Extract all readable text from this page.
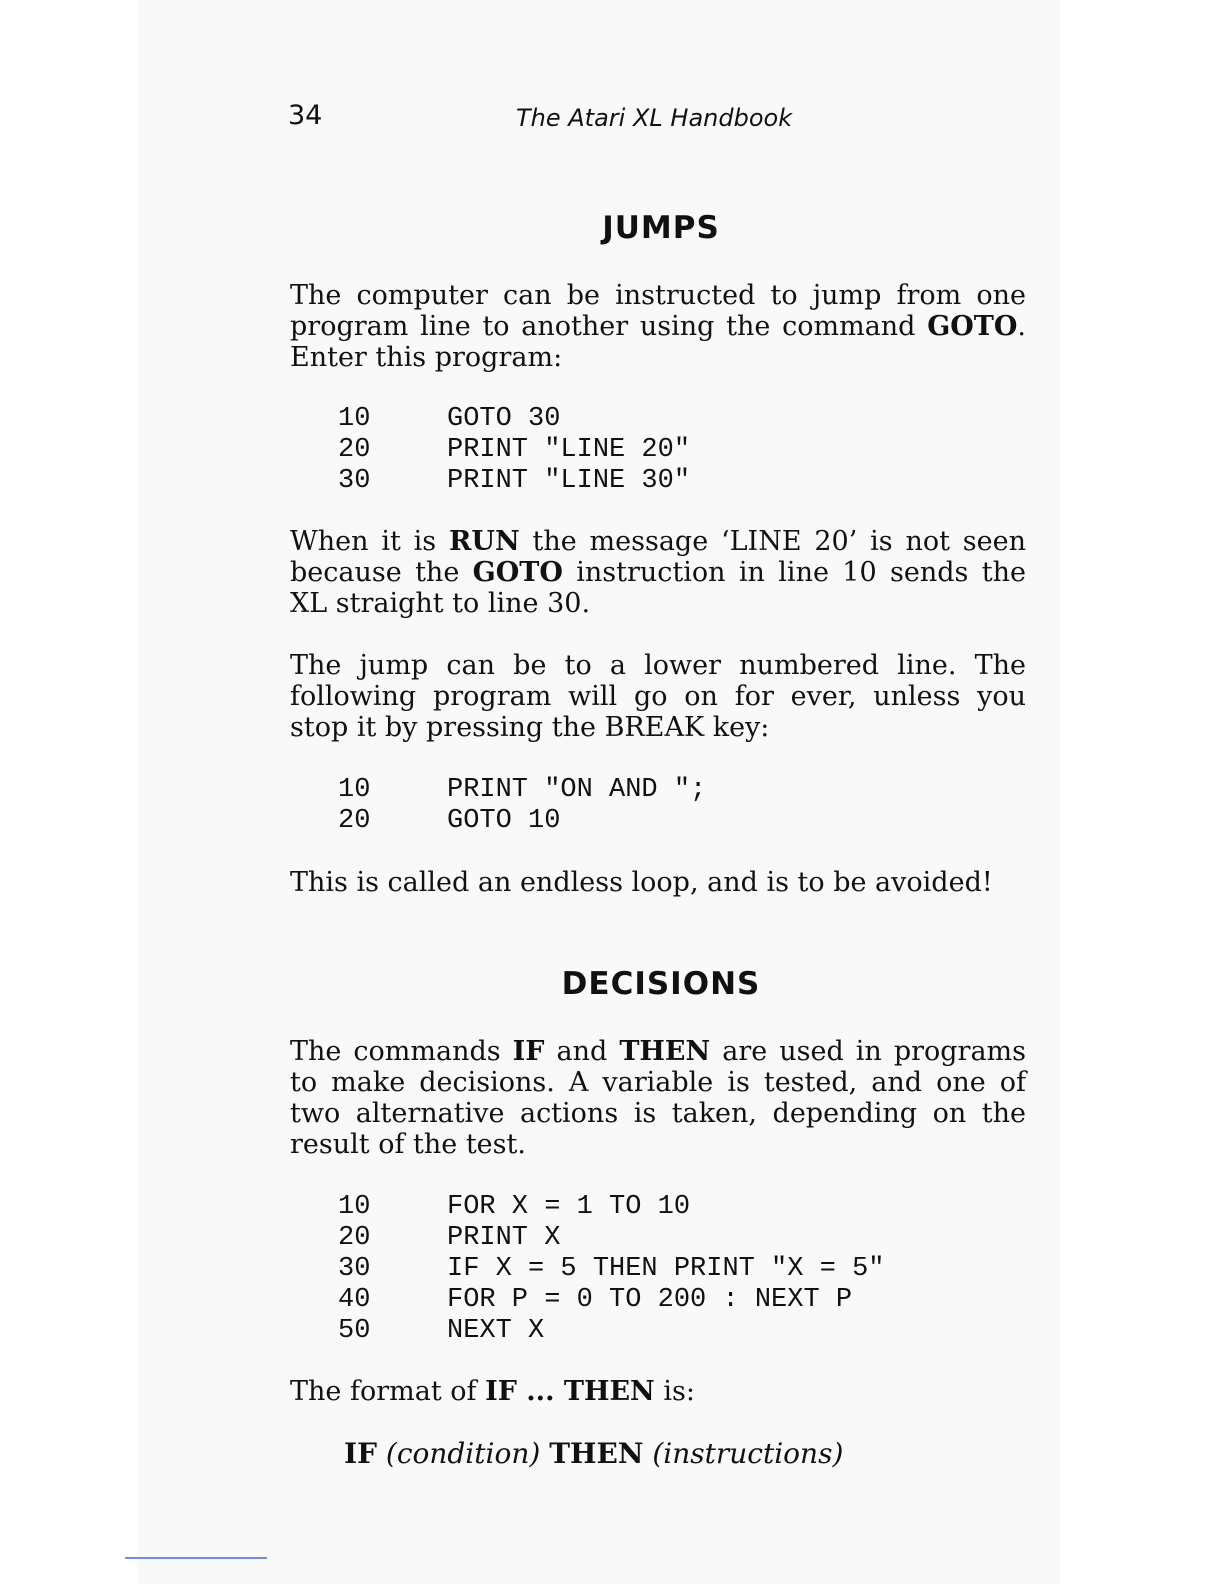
34	The Atari XL Handbook
JUMPS

The computer can be instructed to jump from one program line to another using the command GOTO. Enter this program:

10	GOTO 30
20	PRINT "LINE 20"
30	PRINT "LINE 30"

When it is RUN the message ‘LINE 20’ is not seen because the GOTO instruction in line 10 sends the XL straight to line 30.

The jump can be to a lower numbered line. The following program will go on for ever, unless you stop it by pressing the BREAK key:

10	PRINT "ON AND ";
20	GOTO 10

This is called an endless loop, and is to be avoided!

DECISIONS

The commands IF and THEN are used in programs to make decisions. A variable is tested, and one of two alternative actions is taken, depending on the result of the test.

10	FOR X = 1 TO 10
20	PRINT X
30	IF X = 5 THEN PRINT "X = 5"
40	FOR P = 0 TO 200 : NEXT P
50	NEXT X

The format of IF ... THEN is:

IF (condition) THEN (instructions)
